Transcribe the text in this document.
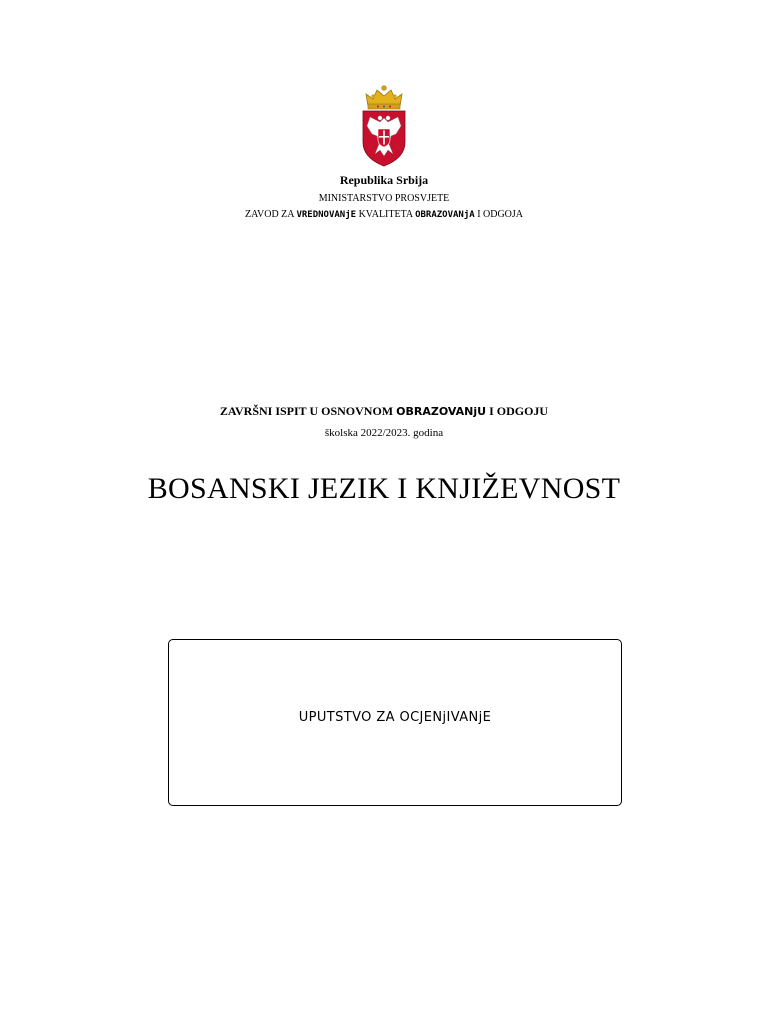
Republika Srbija
MINISTARSTVO PROSVJETE
ZAVOD ZA VREDNOVANjE KVALITETA OBRAZOVANjA I ODGOJA
ZAVRŠNI ISPIT U OSNOVNOM OBRAZOVANjU I ODGOJU
školska 2022/2023. godina
BOSANSKI JEZIK I KNJIŽEVNOST
UPUTSTVO ZA OCJENjIVANjE
